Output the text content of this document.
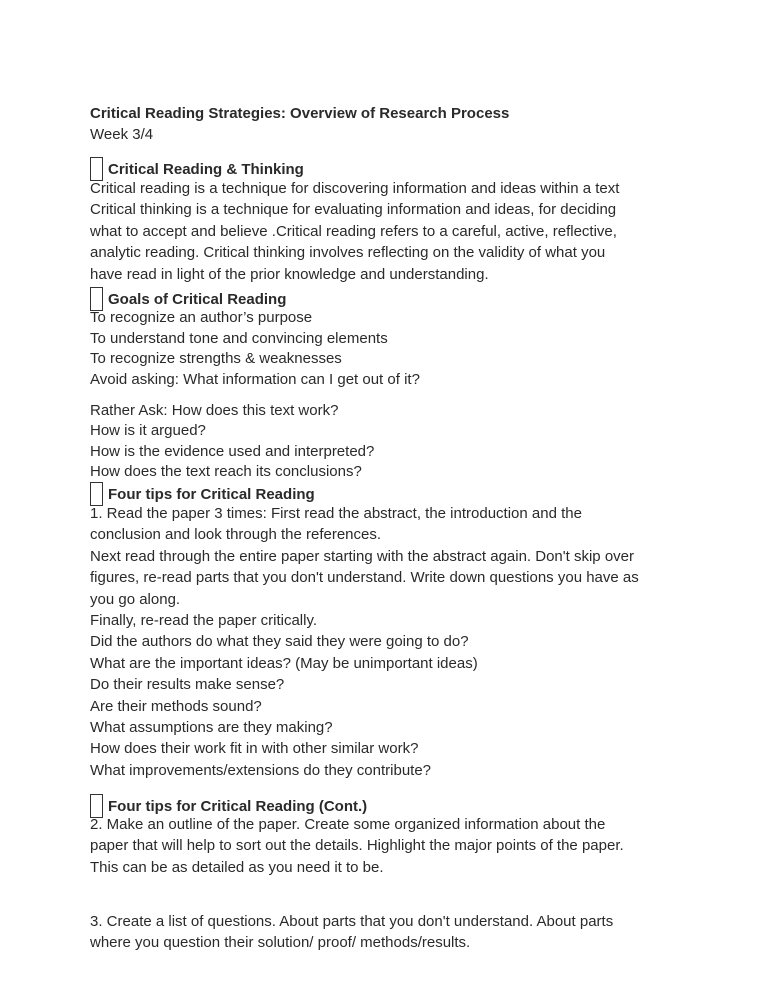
Critical Reading Strategies: Overview of Research Process
Week 3/4
Critical Reading & Thinking
Critical reading is a technique for discovering information and ideas within a text
Critical thinking is a technique for evaluating information and ideas, for deciding
what to accept and believe .Critical reading refers to a careful, active, reflective,
analytic reading. Critical thinking involves reflecting on the validity of what you
have read in light of the prior knowledge and understanding.
Goals of Critical Reading
To recognize an author’s purpose
To understand tone and convincing elements
To recognize strengths & weaknesses
Avoid asking: What information can I get out of it?
Rather Ask: How does this text work?
How is it argued?
How is the evidence used and interpreted?
How does the text reach its conclusions?
Four tips for Critical Reading
1. Read the paper 3 times: First read the abstract, the introduction and the
conclusion and look through the references.
Next read through the entire paper starting with the abstract again. Don't skip over
figures, re-read parts that you don't understand. Write down questions you have as
you go along.
Finally, re-read the paper critically.
Did the authors do what they said they were going to do?
What are the important ideas? (May be unimportant ideas)
Do their results make sense?
Are their methods sound?
What assumptions are they making?
How does their work fit in with other similar work?
What improvements/extensions do they contribute?
Four tips for Critical Reading (Cont.)
2. Make an outline of the paper. Create some organized information about the
paper that will help to sort out the details. Highlight the major points of the paper.
This can be as detailed as you need it to be.
3. Create a list of questions. About parts that you don't understand. About parts
where you question their solution/ proof/ methods/results.
